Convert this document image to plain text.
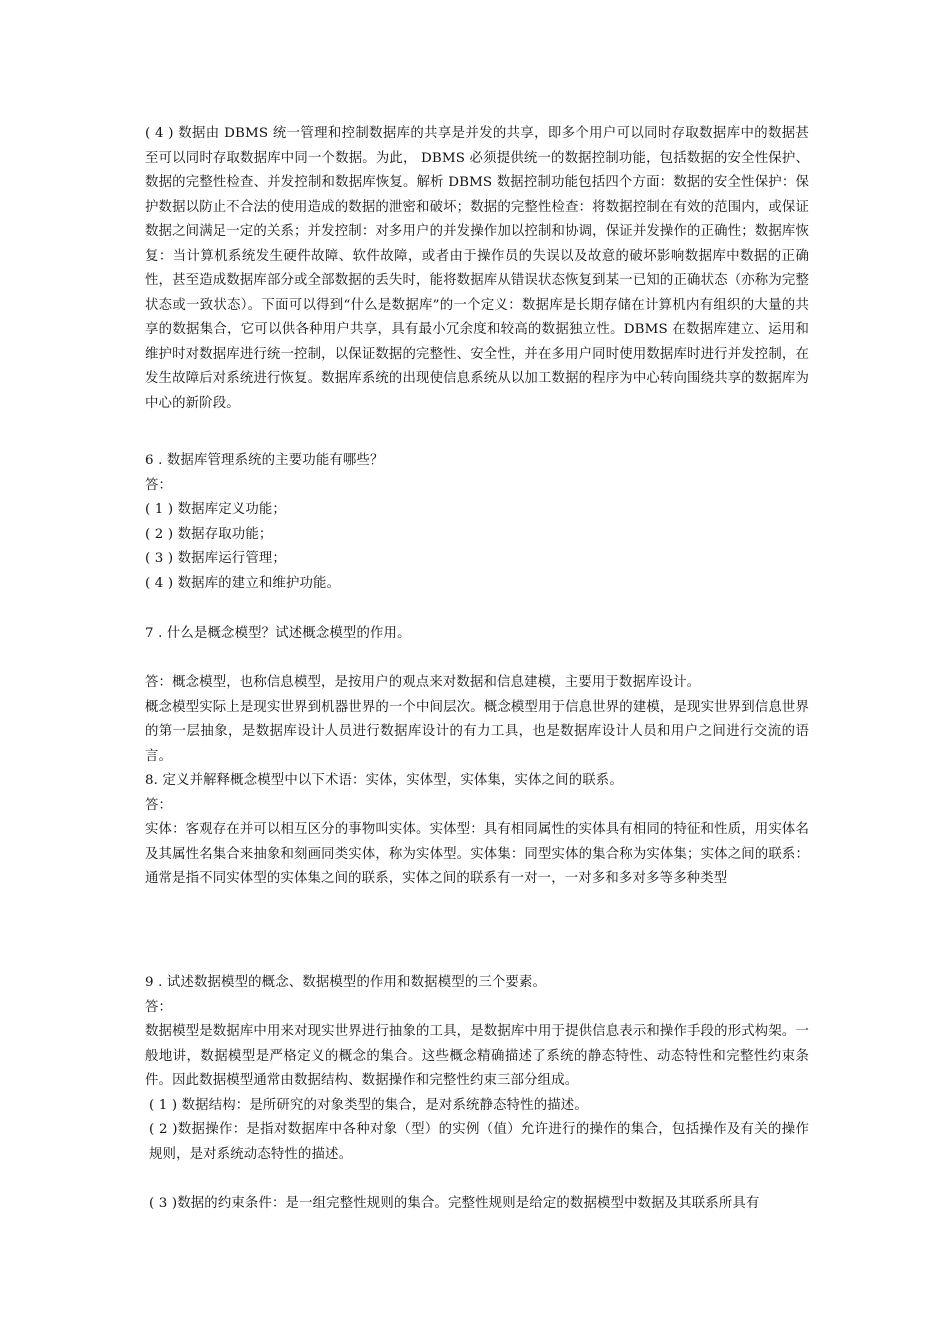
( 4 ) 数据由 DBMS 统一管理和控制数据库的共享是并发的共享，即多个用户可以同时存取数据库中的数据甚至可以同时存取数据库中同一个数据。为此， DBMS 必须提供统一的数据控制功能，包括数据的安全性保护、数据的完整性检查、并发控制和数据库恢复。解析 DBMS 数据控制功能包括四个方面：数据的安全性保护：保护数据以防止不合法的使用造成的数据的泄密和破坏；数据的完整性检查：将数据控制在有效的范围内，或保证数据之间满足一定的关系；并发控制：对多用户的并发操作加以控制和协调，保证并发操作的正确性；数据库恢复：当计算机系统发生硬件故障、软件故障，或者由于操作员的失误以及故意的破坏影响数据库中数据的正确性，甚至造成数据库部分或全部数据的丢失时，能将数据库从错误状态恢复到某一已知的正确状态（亦称为完整状态或一致状态）。下面可以得到“什么是数据库”的一个定义：数据库是长期存储在计算机内有组织的大量的共享的数据集合，它可以供各种用户共享，具有最小冗余度和较高的数据独立性。DBMS 在数据库建立、运用和维护时对数据库进行统一控制，以保证数据的完整性、安全性，并在多用户同时使用数据库时进行并发控制，在发生故障后对系统进行恢复。数据库系统的出现使信息系统从以加工数据的程序为中心转向围绕共享的数据库为中心的新阶段。

6 . 数据库管理系统的主要功能有哪些？

答：

( 1 ) 数据库定义功能；

( 2 ) 数据存取功能；

( 3 ) 数据库运行管理；

( 4 ) 数据库的建立和维护功能。

7 . 什么是概念模型？试述概念模型的作用。

答：概念模型，也称信息模型，是按用户的观点来对数据和信息建模，主要用于数据库设计。

概念模型实际上是现实世界到机器世界的一个中间层次。概念模型用于信息世界的建模，是现实世界到信息世界的第一层抽象，是数据库设计人员进行数据库设计的有力工具，也是数据库设计人员和用户之间进行交流的语言。

8. 定义并解释概念模型中以下术语：实体，实体型，实体集，实体之间的联系。

答：

实体：客观存在并可以相互区分的事物叫实体。实体型：具有相同属性的实体具有相同的特征和性质，用实体名及其属性名集合来抽象和刻画同类实体，称为实体型。实体集：同型实体的集合称为实体集；实体之间的联系：通常是指不同实体型的实体集之间的联系，实体之间的联系有一对一，一对多和多对多等多种类型

9 . 试述数据模型的概念、数据模型的作用和数据模型的三个要素。

答：

数据模型是数据库中用来对现实世界进行抽象的工具，是数据库中用于提供信息表示和操作手段的形式构架。一般地讲，数据模型是严格定义的概念的集合。这些概念精确描述了系统的静态特性、动态特性和完整性约束条件。因此数据模型通常由数据结构、数据操作和完整性约束三部分组成。

( 1 ) 数据结构：是所研究的对象类型的集合，是对系统静态特性的描述。

( 2 )数据操作：是指对数据库中各种对象（型）的实例（值）允许进行的操作的集合，包括操作及有关的操作规则，是对系统动态特性的描述。

( 3 )数据的约束条件：是一组完整性规则的集合。完整性规则是给定的数据模型中数据及其联系所具有
